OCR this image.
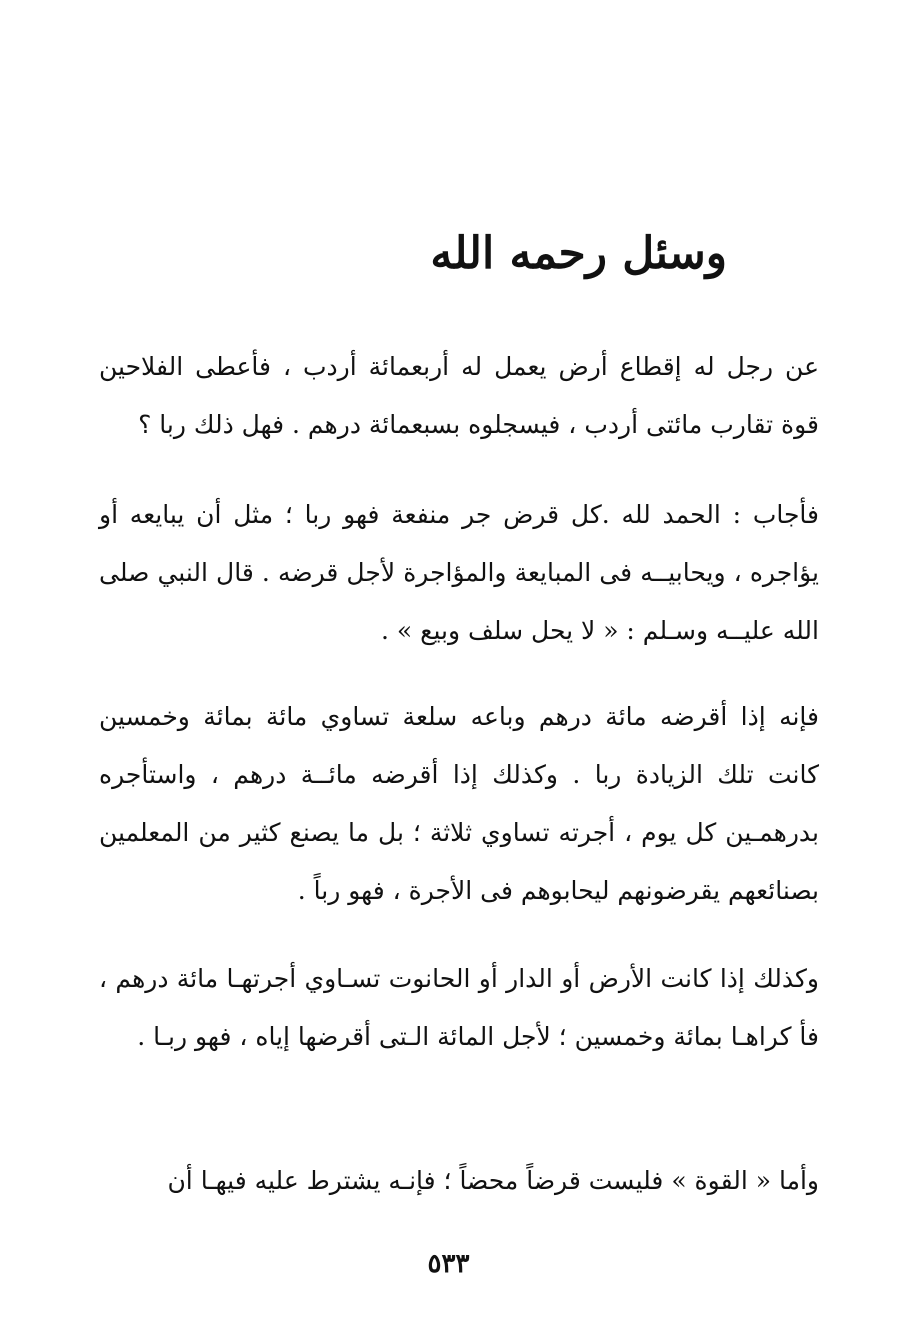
وسئل رحمه الله

عن رجل له إقطاع أرض يعمل له أربعمائة أردب ، فأعطى الفلاحين قوة تقارب مائتى أردب ، فيسجلوه بسبعمائة درهم . فهل ذلك ربا ؟

فأجاب : الحمد لله .كل قرض جر منفعة فهو ربا ؛ مثل أن يبايعه أو يؤاجره ، ويحابيــه فى المبايعة والمؤاجرة لأجل قرضه . قال النبي صلى الله عليــه وسـلم : « لا يحل سلف وبيع » .

فإنه إذا أقرضه مائة درهم وباعه سلعة تساوي مائة بمائة وخمسين كانت تلك الزيادة ربا . وكذلك إذا أقرضه مائــة درهم ، واستأجره بدرهمـين كل يوم ، أجرته تساوي ثلاثة ؛ بل ما يصنع كثير من المعلمين بصنائعهم يقرضونهم ليحابوهم فى الأجرة ، فهو رباً .

وكذلك إذا كانت الأرض أو الدار أو الحانوت تسـاوي أجرتهـا مائة درهم ، فأ كراهـا بمائة وخمسين ؛ لأجل المائة الـتى أقرضها إياه ، فهو ربـا .

وأما « القوة » فليست قرضاً محضاً ؛ فإنـه يشترط عليه فيهـا أن

٥٣٣
